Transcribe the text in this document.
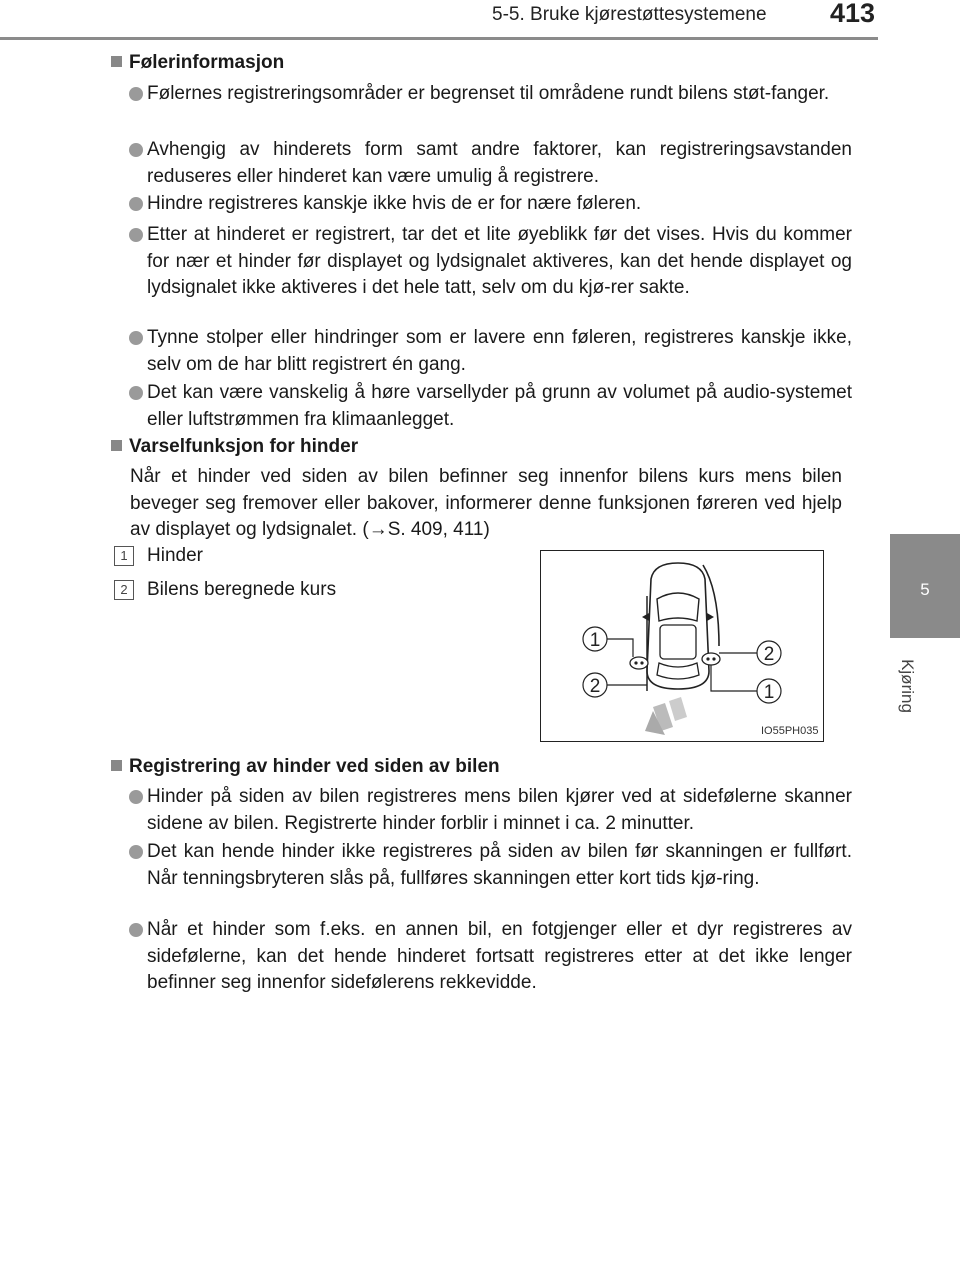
5-5. Bruke kjørestøttesystemene 413
5
Kjøring
Følerinformasjon
Følernes registreringsområder er begrenset til områdene rundt bilens støt-fanger.
Avhengig av hinderets form samt andre faktorer, kan registreringsavstanden reduseres eller hinderet kan være umulig å registrere.
Hindre registreres kanskje ikke hvis de er for nære føleren.
Etter at hinderet er registrert, tar det et lite øyeblikk før det vises. Hvis du kommer for nær et hinder før displayet og lydsignalet aktiveres, kan det hende displayet og lydsignalet ikke aktiveres i det hele tatt, selv om du kjø-rer sakte.
Tynne stolper eller hindringer som er lavere enn føleren, registreres kanskje ikke, selv om de har blitt registrert én gang.
Det kan være vanskelig å høre varsellyder på grunn av volumet på audio-systemet eller luftstrømmen fra klimaanlegget.
Varselfunksjon for hinder
Når et hinder ved siden av bilen befinner seg innenfor bilens kurs mens bilen beveger seg fremover eller bakover, informerer denne funksjonen føreren ved hjelp av displayet og lydsignalet. (→S. 409, 411)
1 Hinder
2 Bilens beregnede kurs
1
2
2
1
IO55PH035
Registrering av hinder ved siden av bilen
Hinder på siden av bilen registreres mens bilen kjører ved at sidefølerne skanner sidene av bilen. Registrerte hinder forblir i minnet i ca. 2 minutter.
Det kan hende hinder ikke registreres på siden av bilen før skanningen er fullført. Når tenningsbryteren slås på, fullføres skanningen etter kort tids kjø-ring.
Når et hinder som f.eks. en annen bil, en fotgjenger eller et dyr registreres av sidefølerne, kan det hende hinderet fortsatt registreres etter at det ikke lenger befinner seg innenfor sidefølerens rekkevidde.
